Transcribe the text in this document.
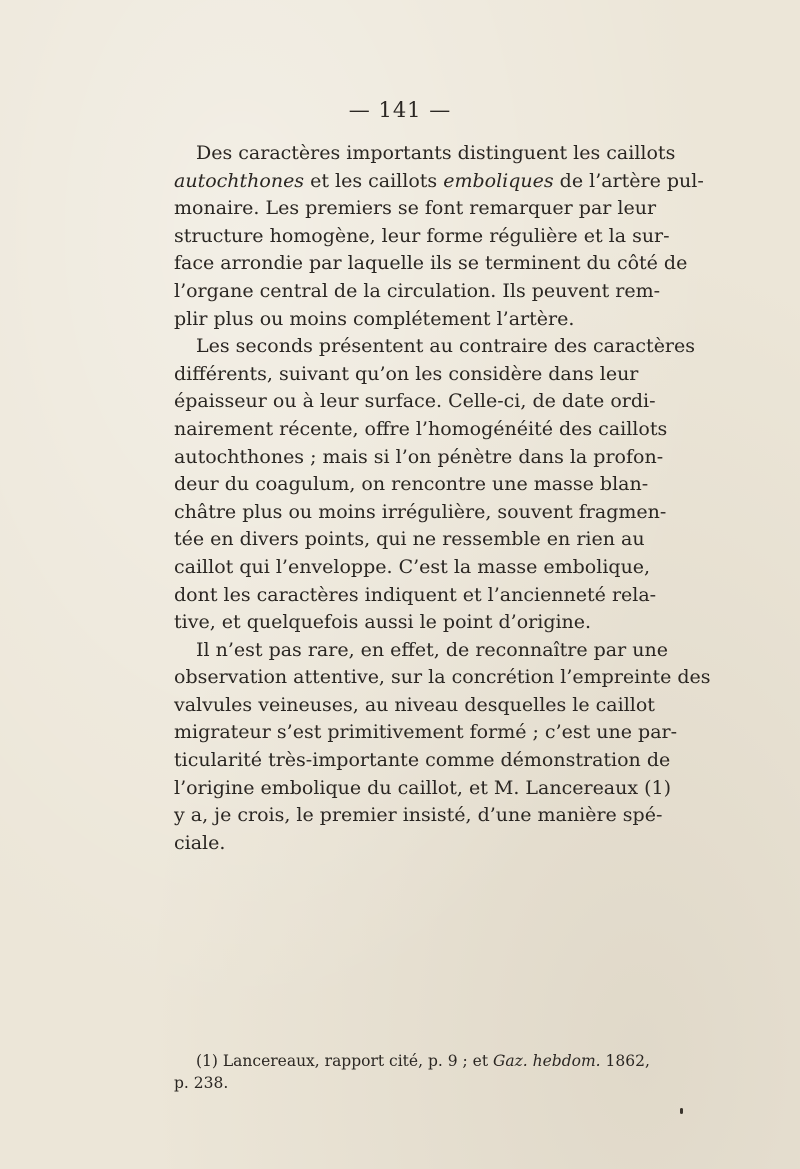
— 141 —
Des caractères importants distinguent les caillots
autochthones et les caillots emboliques de l’artère pul-
monaire. Les premiers se font remarquer par leur
structure homogène, leur forme régulière et la sur-
face arrondie par laquelle ils se terminent du côté de
l’organe central de la circulation. Ils peuvent rem-
plir plus ou moins complétement l’artère.
Les seconds présentent au contraire des caractères
différents, suivant qu’on les considère dans leur
épaisseur ou à leur surface. Celle-ci, de date ordi-
nairement récente, offre l’homogénéité des caillots
autochthones ; mais si l’on pénètre dans la profon-
deur du coagulum, on rencontre une masse blan-
châtre plus ou moins irrégulière, souvent fragmen-
tée en divers points, qui ne ressemble en rien au
caillot qui l’enveloppe. C’est la masse embolique,
dont les caractères indiquent et l’ancienneté rela-
tive, et quelquefois aussi le point d’origine.
Il n’est pas rare, en effet, de reconnaître par une
observation attentive, sur la concrétion l’empreinte des
valvules veineuses, au niveau desquelles le caillot
migrateur s’est primitivement formé ; c’est une par-
ticularité très-importante comme démonstration de
l’origine embolique du caillot, et M. Lancereaux (1)
y a, je crois, le premier insisté, d’une manière spé-
ciale.
(1) Lancereaux, rapport cité, p. 9 ; et Gaz. hebdom. 1862,
p. 238.
